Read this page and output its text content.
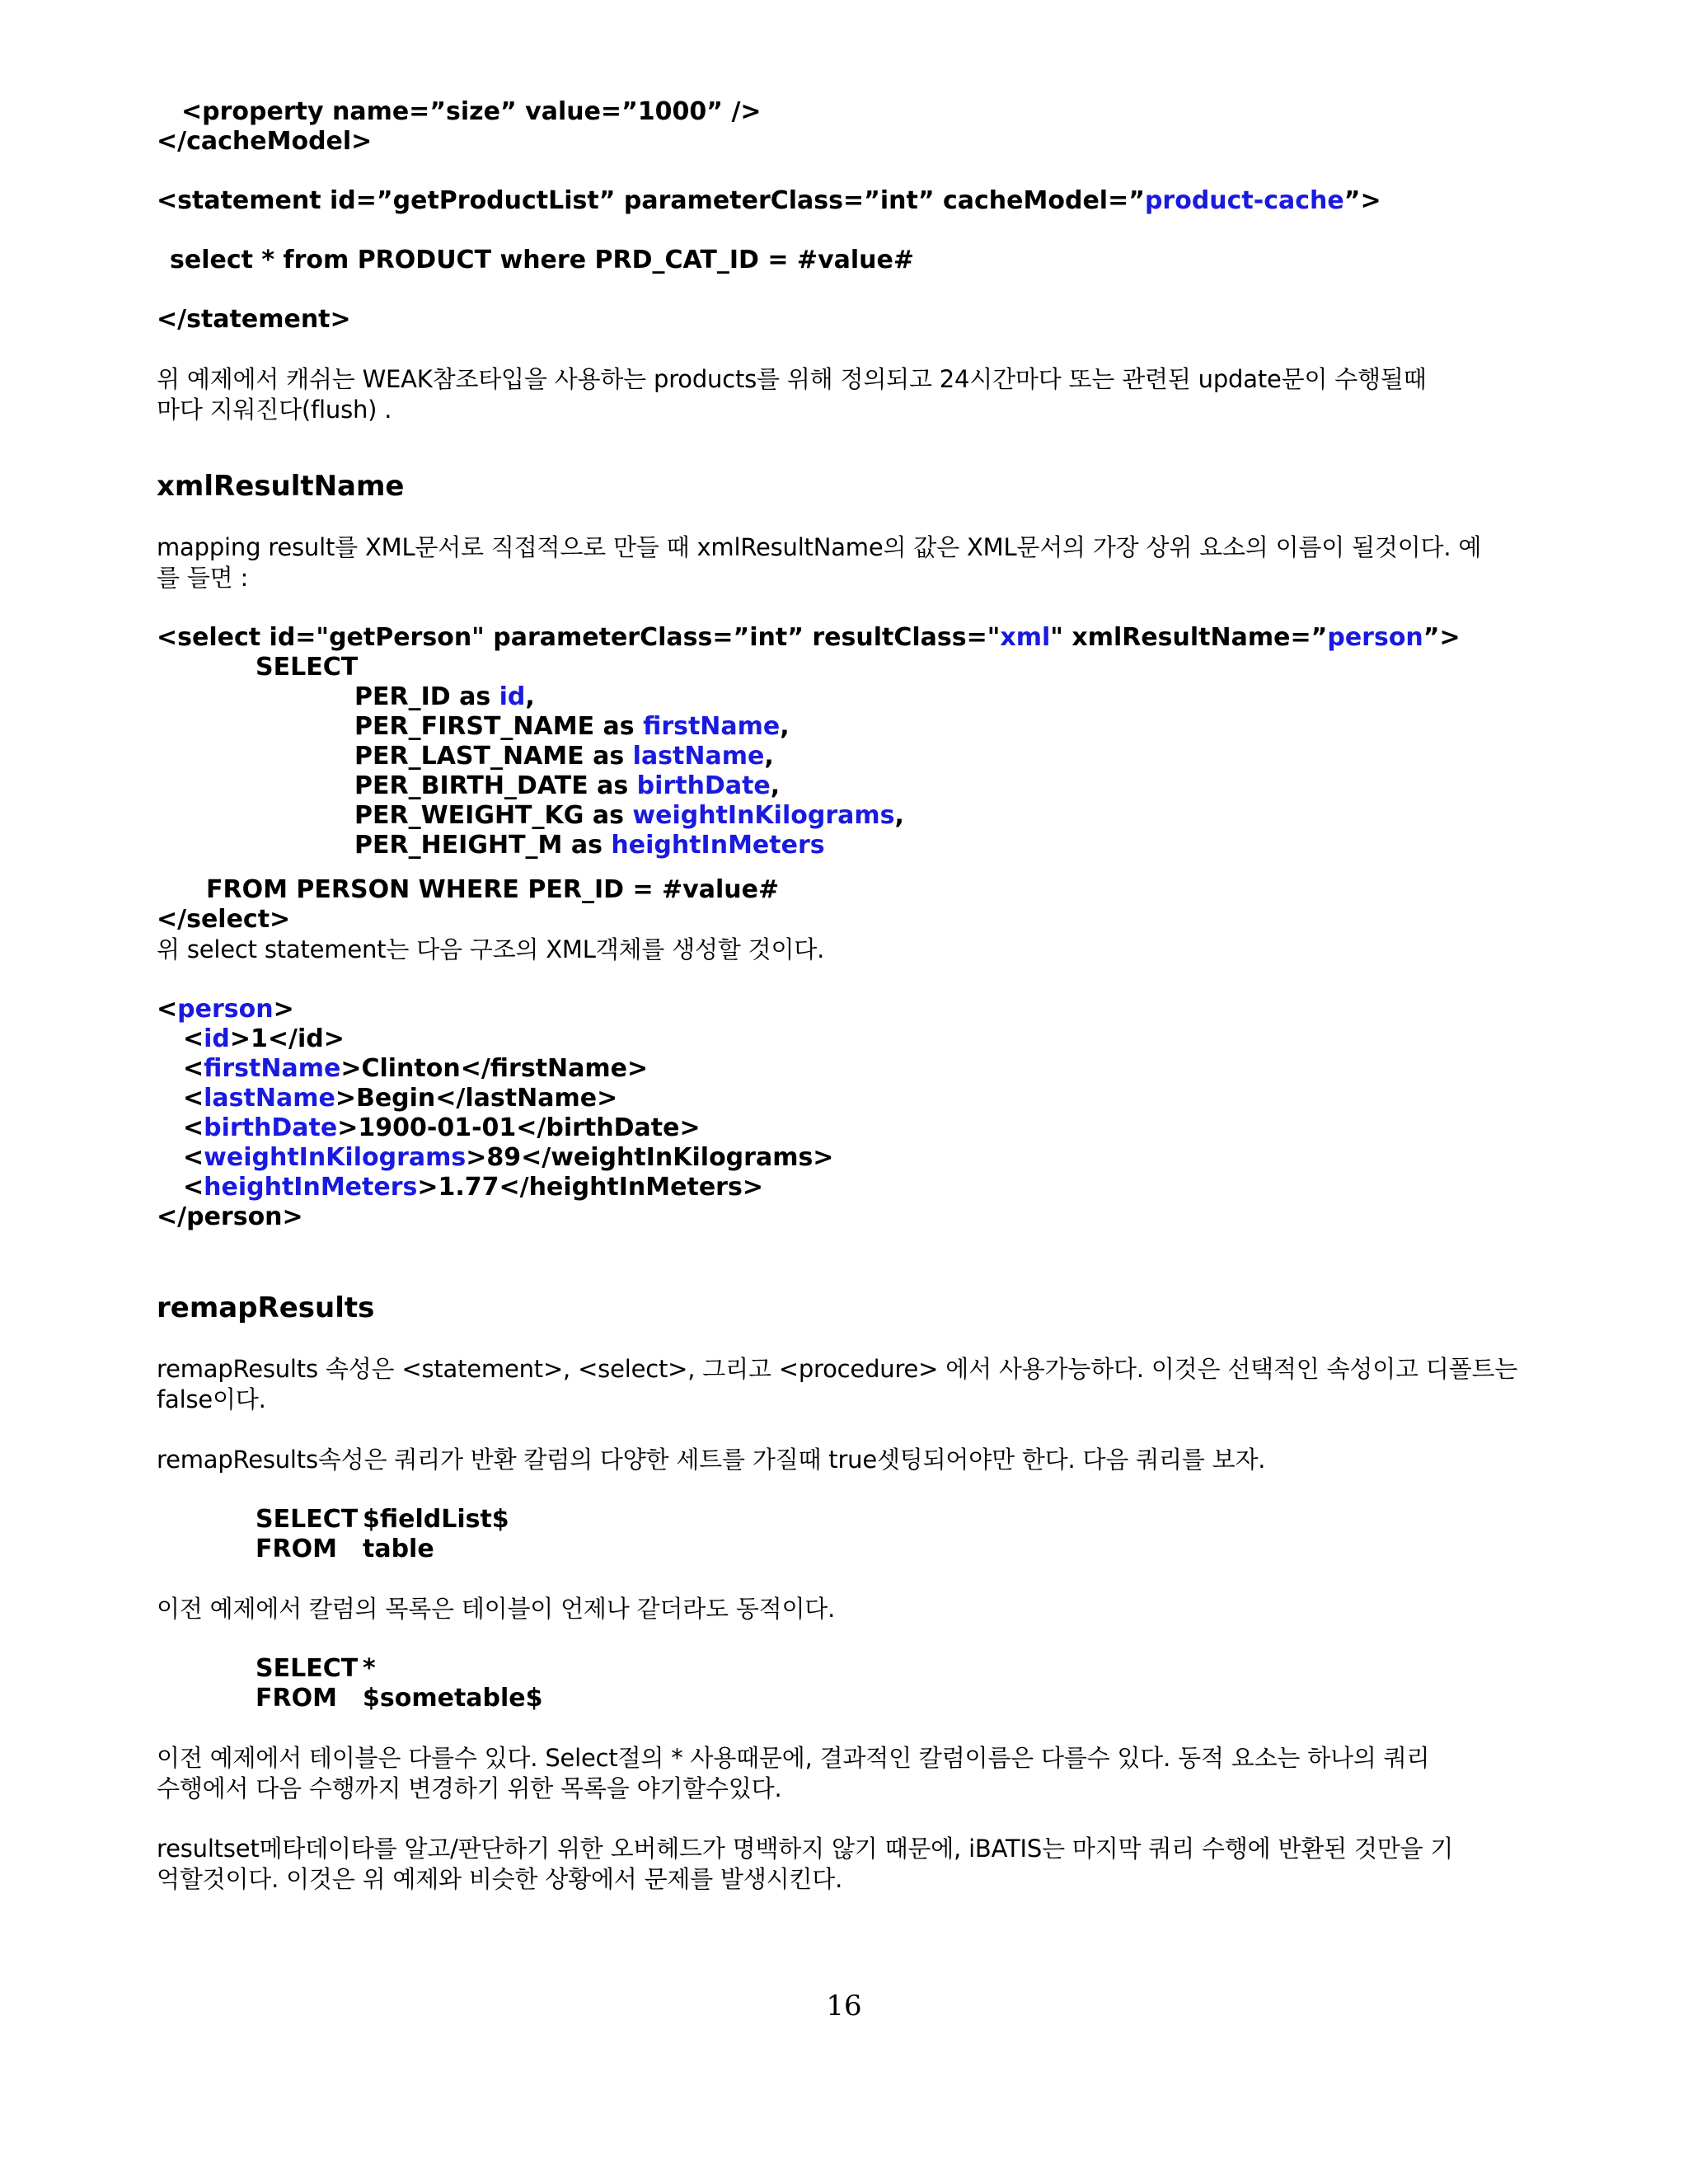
<property name=”size” value=”1000” />
</cacheModel>
<statement id=”getProductList” parameterClass=”int” cacheModel=”product-cache”>
select * from PRODUCT where PRD_CAT_ID = #value#
</statement>

위 예제에서 캐쉬는 WEAK참조타입을 사용하는 products를 위해 정의되고 24시간마다 또는 관련된 update문이 수행될때

마다 지워진다(flush) .

xmlResultName

mapping result를 XML문서로 직접적으로 만들 때 xmlResultName의 값은 XML문서의 가장 상위 요소의 이름이 될것이다. 예

를 들면 :

<select id="getPerson" parameterClass=”int” resultClass="xml" xmlResultName=”person”>
SELECT
PER_ID as id,
PER_FIRST_NAME as firstName,
PER_LAST_NAME as lastName,
PER_BIRTH_DATE as birthDate,
PER_WEIGHT_KG as weightInKilograms,
PER_HEIGHT_M as heightInMeters
FROM PERSON WHERE PER_ID = #value#
</select>

위 select statement는 다음 구조의 XML객체를 생성할 것이다.

<person>
<id>1</id>
<firstName>Clinton</firstName>
<lastName>Begin</lastName>
<birthDate>1900-01-01</birthDate>
<weightInKilograms>89</weightInKilograms>
<heightInMeters>1.77</heightInMeters>
</person>
remapResults

remapResults 속성은 <statement>, <select>, 그리고 <procedure> 에서 사용가능하다. 이것은 선택적인 속성이고 디폴트는

false이다.

remapResults속성은 쿼리가 반환 칼럼의 다양한 세트를 가질때 true셋팅되어야만 한다. 다음 쿼리를 보자.

SELECT $fieldList$
FROM table

이전 예제에서 칼럼의 목록은 테이블이 언제나 같더라도 동적이다.

SELECT *
FROM $sometable$

이전 예제에서 테이블은 다를수 있다. Select절의 * 사용때문에, 결과적인 칼럼이름은 다를수 있다. 동적 요소는 하나의 쿼리

수행에서 다음 수행까지 변경하기 위한 목록을 야기할수있다.

resultset메타데이타를 알고/판단하기 위한 오버헤드가 명백하지 않기 때문에, iBATIS는 마지막 쿼리 수행에 반환된 것만을 기

억할것이다. 이것은 위 예제와 비슷한 상황에서 문제를 발생시킨다.

16
